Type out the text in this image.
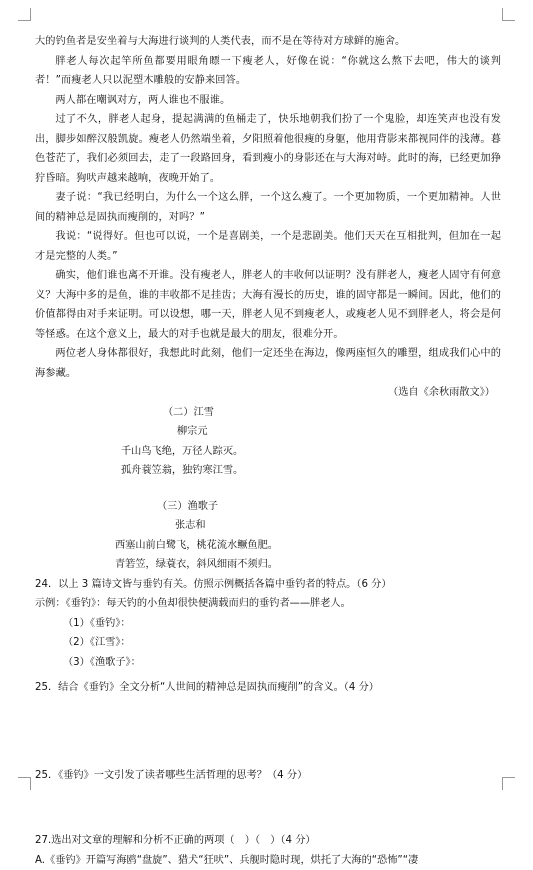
大的钓鱼者是安坐着与大海进行谈判的人类代表，而不是在等待对方球鲜的施舍。

胖老人每次起竿所鱼都要用眼角瞟一下瘦老人，好像在说：“你就这么熬下去吧，伟大的谈判者！”而瘦老人只以泥塑木雕般的安静来回答。

两人都在嘲讽对方，两人谁也不服谁。

过了不久，胖老人起身，提起满满的鱼桶走了，快乐地朝我们扮了一个鬼脸，却连笑声也没有发出，脚步如醉汉般凯旋。瘦老人仍然端坐着，夕阳照着他很瘦的身躯，他用背影来都视同伴的浅薄。暮色苍茫了，我们必须回去，走了一段路回身，看到瘦小的身影还在与大海对峙。此时的海，已经更加狰狞昏暗。狗吠声越来越响，夜晚开始了。

妻子说：“我已经明白，为什么一个这么胖，一个这么瘦了。一个更加物质，一个更加精神。人世间的精神总是固执而瘦削的，对吗？”

我说：“说得好。但也可以说，一个是喜剧美，一个是悲剧美。他们天天在互相批判，但加在一起才是完整的人类。”

确实，他们谁也离不开谁。没有瘦老人，胖老人的丰收何以证明？没有胖老人，瘦老人固守有何意义？大海中多的是鱼，谁的丰收都不足挂齿；大海有漫长的历史，谁的固守都是一瞬间。因此，他们的价值都得由对手来证明。可以设想，哪一天，胖老人见不到瘦老人，或瘦老人见不到胖老人，将会是何等怪惑。在这个意义上，最大的对手也就是最大的朋友，很难分开。

两位老人身体都很好，我想此时此刻，他们一定还坐在海边，像两座恒久的雕塑，组成我们心中的海参藏。

（选自《余秋雨散文》）

（二）江雪

柳宗元

千山鸟飞绝，万径人踪灭。

孤舟蓑笠翁，独钓寒江雪。

（三）渔歌子

张志和

西塞山前白鹭飞，桃花流水鳜鱼肥。

青箬笠，绿蓑衣，斜风细雨不须归。

24．以上 3 篇诗文皆与垂钓有关。仿照示例概括各篇中垂钓者的特点。（6 分）

示例：《垂钓》：每天钓的小鱼却很快便满载而归的垂钓者——胖老人。

（1）《垂钓》：

（2）《江雪》：

（3）《渔歌子》：

25．结合《垂钓》全文分析“人世间的精神总是固执而瘦削”的含义。（4 分）

25．《垂钓》一文引发了读者哪些生活哲理的思考？（4 分）

27.选出对文章的理解和分析不正确的两项（　）（　）（4 分）

A.《垂钓》开篇写海鸥“盘旋”、猎犬“狂吠”、兵舰时隐时现，烘托了大海的“恐怖”“凄
